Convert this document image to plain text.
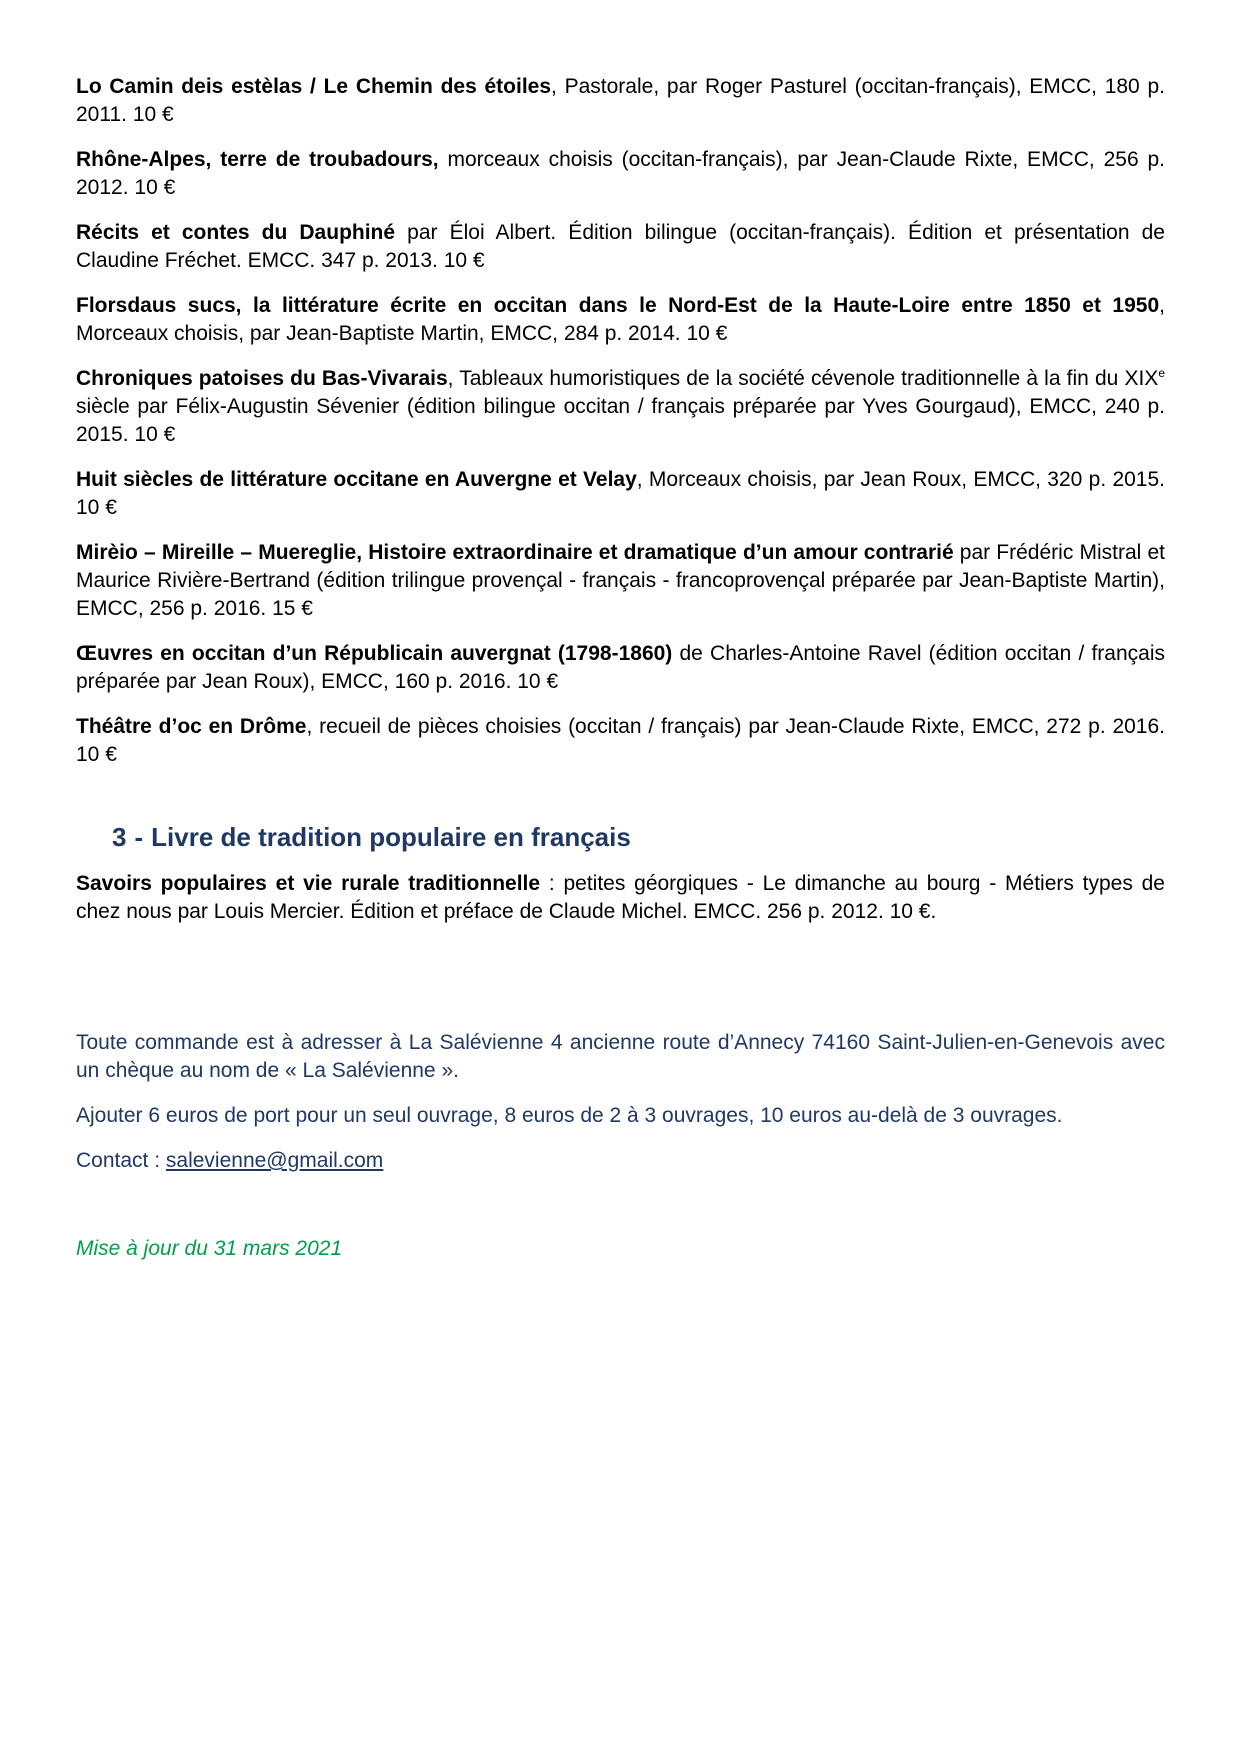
Lo Camin deis estèlas / Le Chemin des étoiles, Pastorale, par Roger Pasturel (occitan-français), EMCC, 180 p. 2011. 10 €

Rhône-Alpes, terre de troubadours, morceaux choisis (occitan-français), par Jean-Claude Rixte, EMCC, 256 p. 2012. 10 €

Récits et contes du Dauphiné par Éloi Albert. Édition bilingue (occitan-français). Édition et présentation de Claudine Fréchet. EMCC. 347 p. 2013. 10 €

Florsdaus sucs, la littérature écrite en occitan dans le Nord-Est de la Haute-Loire entre 1850 et 1950, Morceaux choisis, par Jean-Baptiste Martin, EMCC, 284 p. 2014. 10 €

Chroniques patoises du Bas-Vivarais, Tableaux humoristiques de la société cévenole traditionnelle à la fin du XIXe siècle par Félix-Augustin Sévenier (édition bilingue occitan / français préparée par Yves Gourgaud), EMCC, 240 p. 2015. 10 €

Huit siècles de littérature occitane en Auvergne et Velay, Morceaux choisis, par Jean Roux, EMCC, 320 p. 2015. 10 €

Mirèio – Mireille – Muereglie, Histoire extraordinaire et dramatique d’un amour contrarié par Frédéric Mistral et Maurice Rivière-Bertrand (édition trilingue provençal - français - francoprovençal préparée par Jean-Baptiste Martin), EMCC, 256 p. 2016. 15 €

Œuvres en occitan d’un Républicain auvergnat (1798-1860) de Charles-Antoine Ravel (édition occitan / français préparée par Jean Roux), EMCC, 160 p. 2016. 10 €

Théâtre d’oc en Drôme, recueil de pièces choisies (occitan / français) par Jean-Claude Rixte, EMCC, 272 p. 2016. 10 €

3 - Livre de tradition populaire en français

Savoirs populaires et vie rurale traditionnelle : petites géorgiques - Le dimanche au bourg - Métiers types de chez nous par Louis Mercier. Édition et préface de Claude Michel. EMCC. 256 p. 2012. 10 €.

Toute commande est à adresser à La Salévienne 4 ancienne route d’Annecy 74160 Saint-Julien-en-Genevois avec un chèque au nom de « La Salévienne ».

Ajouter 6 euros de port pour un seul ouvrage, 8 euros de 2 à 3 ouvrages, 10 euros au-delà de 3 ouvrages.

Contact : salevienne@gmail.com

Mise à jour du 31 mars 2021
